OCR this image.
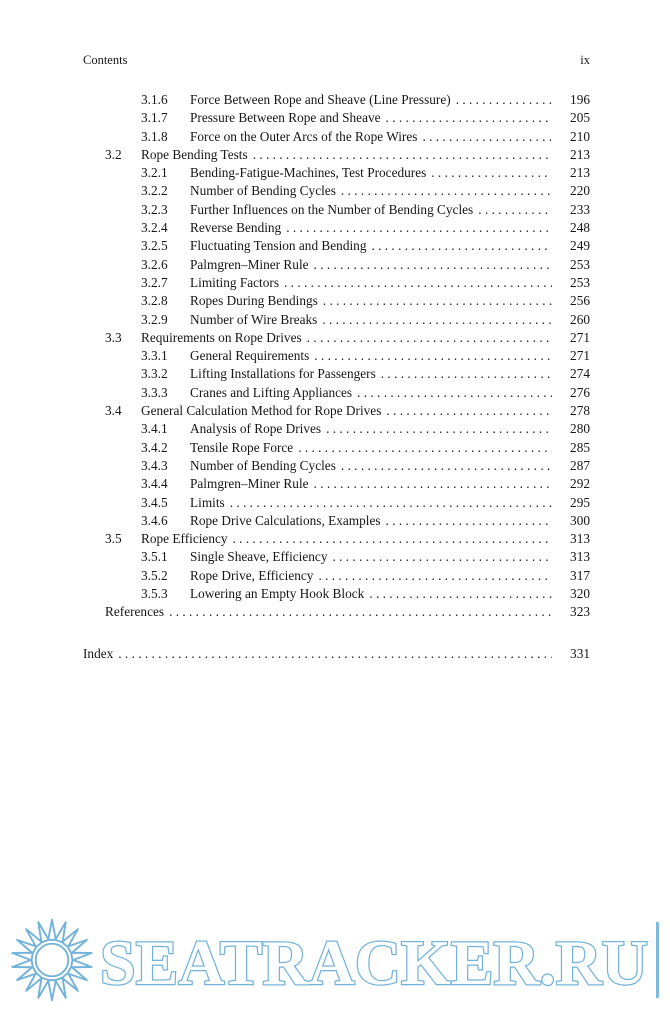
Contents	ix
3.1.6	Force Between Rope and Sheave (Line Pressure) . . .	196
3.1.7	Pressure Between Rope and Sheave . . .	205
3.1.8	Force on the Outer Arcs of the Rope Wires . . .	210
3.2	Rope Bending Tests . . .	213
3.2.1	Bending-Fatigue-Machines, Test Procedures . . .	213
3.2.2	Number of Bending Cycles . . .	220
3.2.3	Further Influences on the Number of Bending Cycles . . .	233
3.2.4	Reverse Bending . . .	248
3.2.5	Fluctuating Tension and Bending . . .	249
3.2.6	Palmgren–Miner Rule . . .	253
3.2.7	Limiting Factors . . .	253
3.2.8	Ropes During Bendings . . .	256
3.2.9	Number of Wire Breaks . . .	260
3.3	Requirements on Rope Drives . . .	271
3.3.1	General Requirements . . .	271
3.3.2	Lifting Installations for Passengers . . .	274
3.3.3	Cranes and Lifting Appliances . . .	276
3.4	General Calculation Method for Rope Drives . . .	278
3.4.1	Analysis of Rope Drives . . .	280
3.4.2	Tensile Rope Force . . .	285
3.4.3	Number of Bending Cycles . . .	287
3.4.4	Palmgren–Miner Rule . . .	292
3.4.5	Limits . . .	295
3.4.6	Rope Drive Calculations, Examples . . .	300
3.5	Rope Efficiency . . .	313
3.5.1	Single Sheave, Efficiency . . .	313
3.5.2	Rope Drive, Efficiency . . .	317
3.5.3	Lowering an Empty Hook Block . . .	320
References . . .	323
Index . . .	331
SEATRACKER.RU
